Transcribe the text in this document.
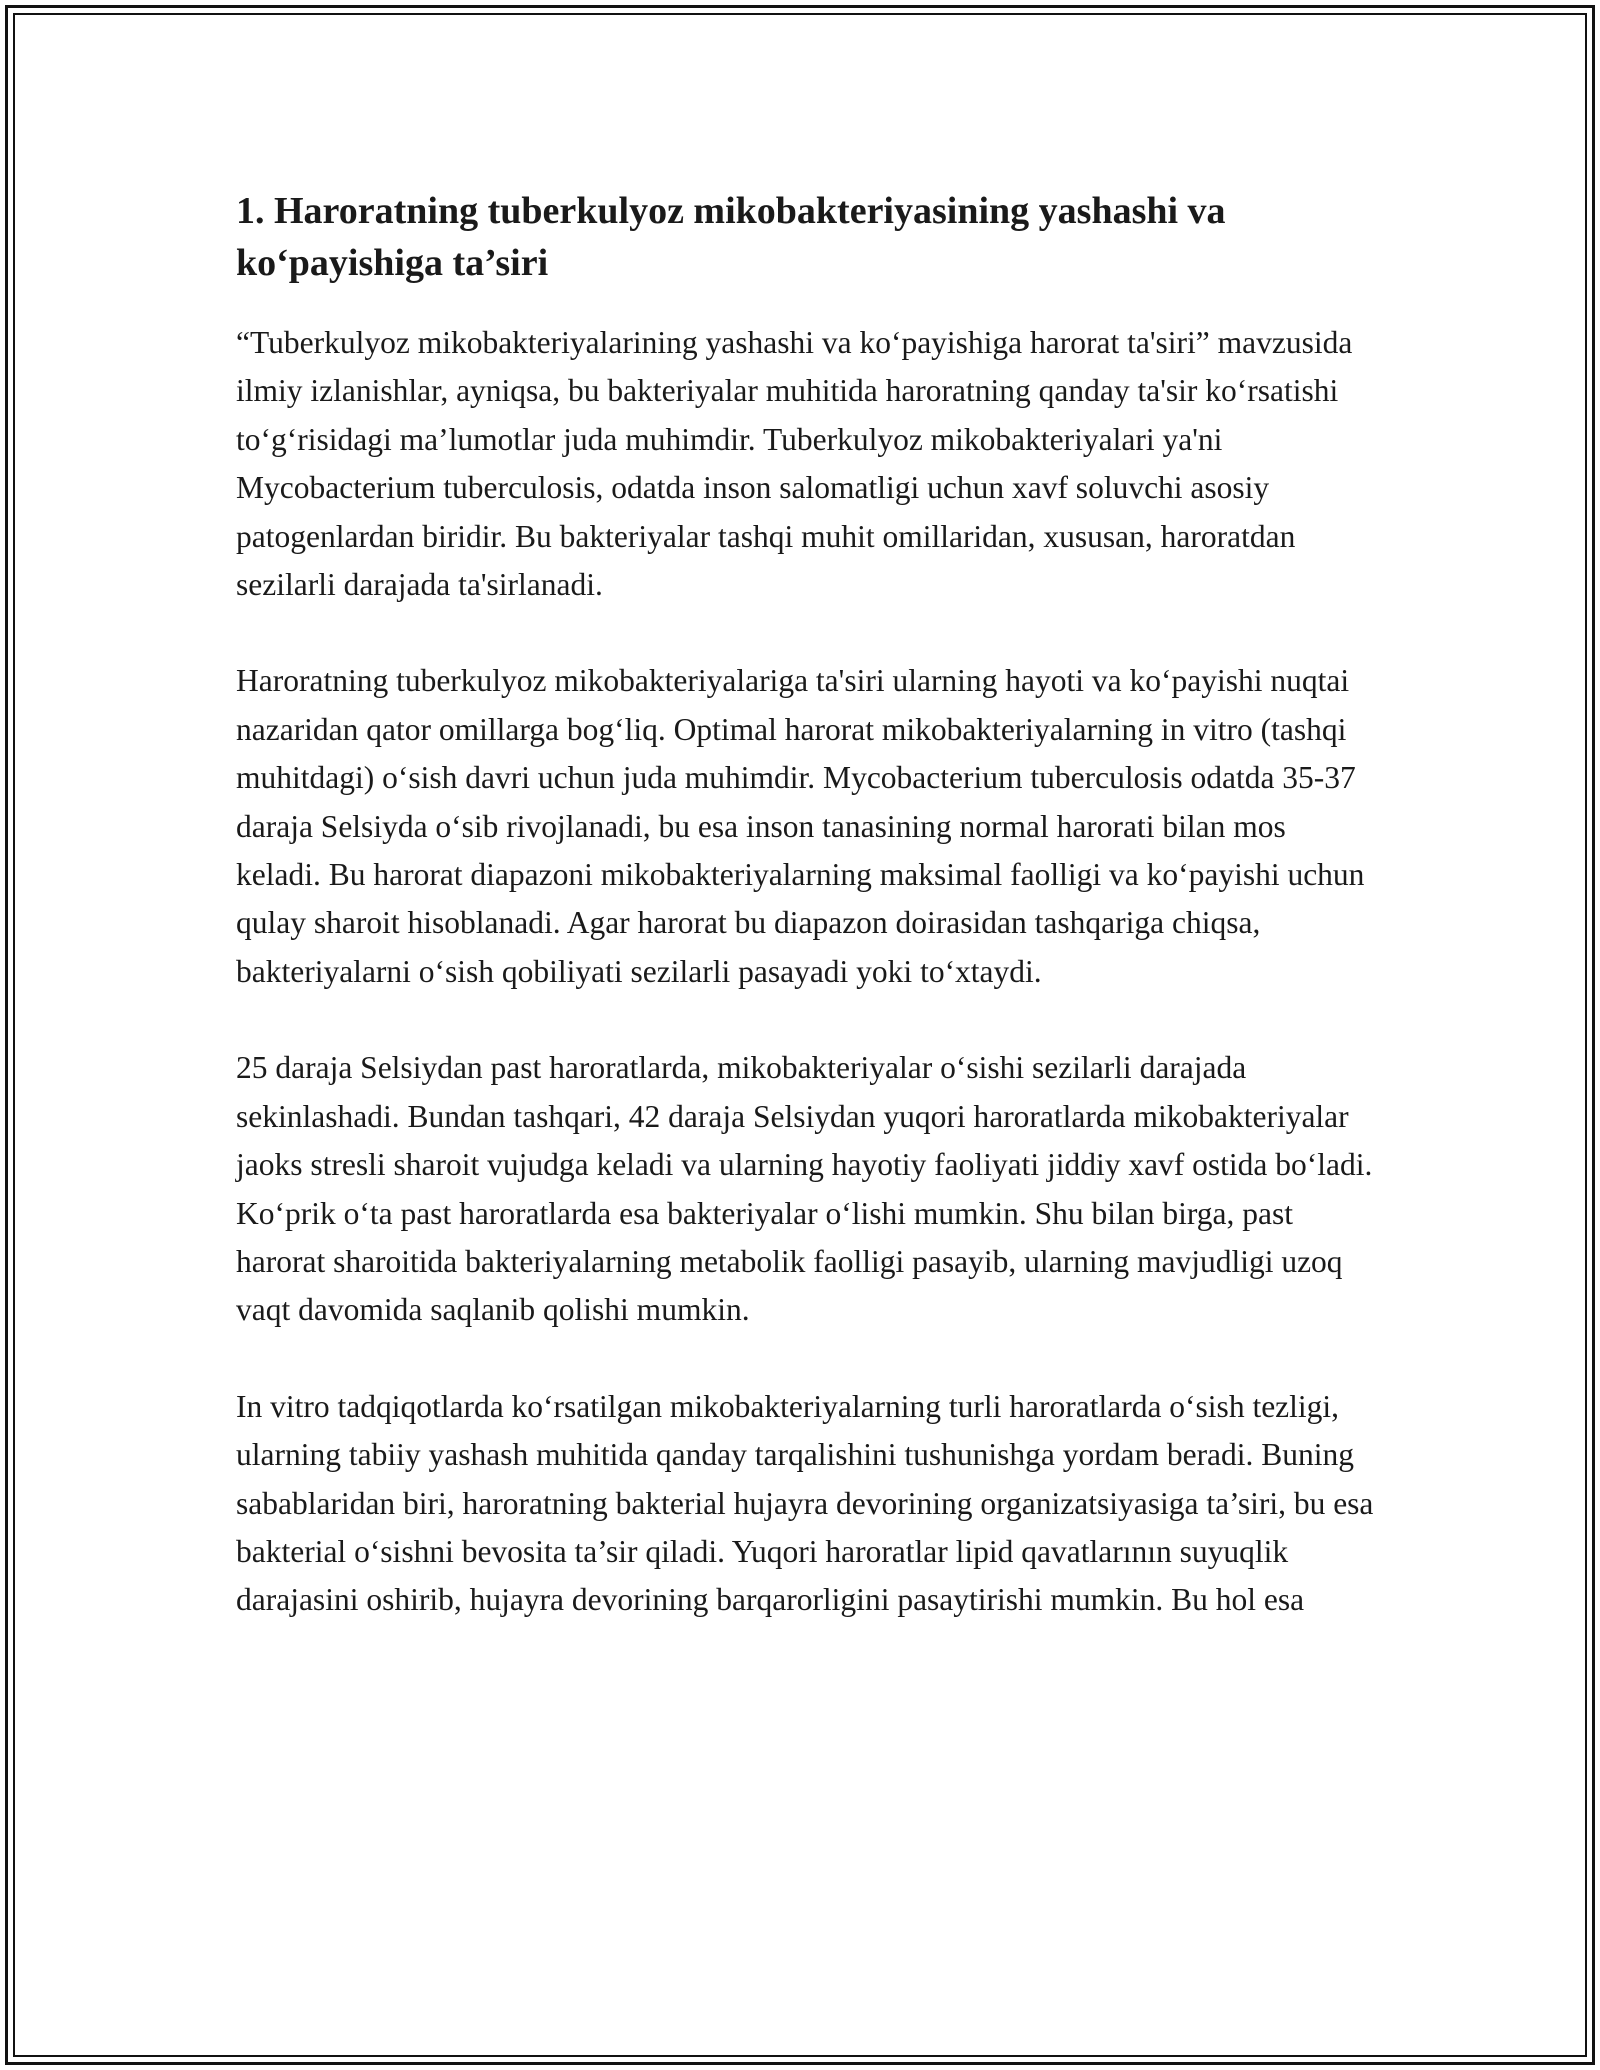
1. Haroratning tuberkulyoz mikobakteriyasining yashashi va ko‘payishiga ta’siri

“Tuberkulyoz mikobakteriyalarining yashashi va ko‘payishiga harorat ta'siri” mavzusida ilmiy izlanishlar, ayniqsa, bu bakteriyalar muhitida haroratning qanday ta'sir ko‘rsatishi to‘g‘risidagi ma’lumotlar juda muhimdir. Tuberkulyoz mikobakteriyalari ya'ni Mycobacterium tuberculosis, odatda inson salomatligi uchun xavf soluvchi asosiy patogenlardan biridir. Bu bakteriyalar tashqi muhit omillaridan, xususan, haroratdan sezilarli darajada ta'sirlanadi.

Haroratning tuberkulyoz mikobakteriyalariga ta'siri ularning hayoti va ko‘payishi nuqtai nazaridan qator omillarga bog‘liq. Optimal harorat mikobakteriyalarning in vitro (tashqi muhitdagi) o‘sish davri uchun juda muhimdir. Mycobacterium tuberculosis odatda 35-37 daraja Selsiyda o‘sib rivojlanadi, bu esa inson tanasining normal harorati bilan mos keladi. Bu harorat diapazoni mikobakteriyalarning maksimal faolligi va ko‘payishi uchun qulay sharoit hisoblanadi. Agar harorat bu diapazon doirasidan tashqariga chiqsa, bakteriyalarni o‘sish qobiliyati sezilarli pasayadi yoki to‘xtaydi.

25 daraja Selsiydan past haroratlarda, mikobakteriyalar o‘sishi sezilarli darajada sekinlashadi. Bundan tashqari, 42 daraja Selsiydan yuqori haroratlarda mikobakteriyalar jaoks stresli sharoit vujudga keladi va ularning hayotiy faoliyati jiddiy xavf ostida bo‘ladi. Ko‘prik o‘ta past haroratlarda esa bakteriyalar o‘lishi mumkin. Shu bilan birga, past harorat sharoitida bakteriyalarning metabolik faolligi pasayib, ularning mavjudligi uzoq vaqt davomida saqlanib qolishi mumkin.

In vitro tadqiqotlarda ko‘rsatilgan mikobakteriyalarning turli haroratlarda o‘sish tezligi, ularning tabiiy yashash muhitida qanday tarqalishini tushunishga yordam beradi. Buning sabablaridan biri, haroratning bakterial hujayra devorining organizatsiyasiga ta’siri, bu esa bakterial o‘sishni bevosita ta’sir qiladi. Yuqori haroratlar lipid qavatlarının suyuqlik darajasini oshirib, hujayra devorining barqarorligini pasaytirishi mumkin. Bu hol esa
